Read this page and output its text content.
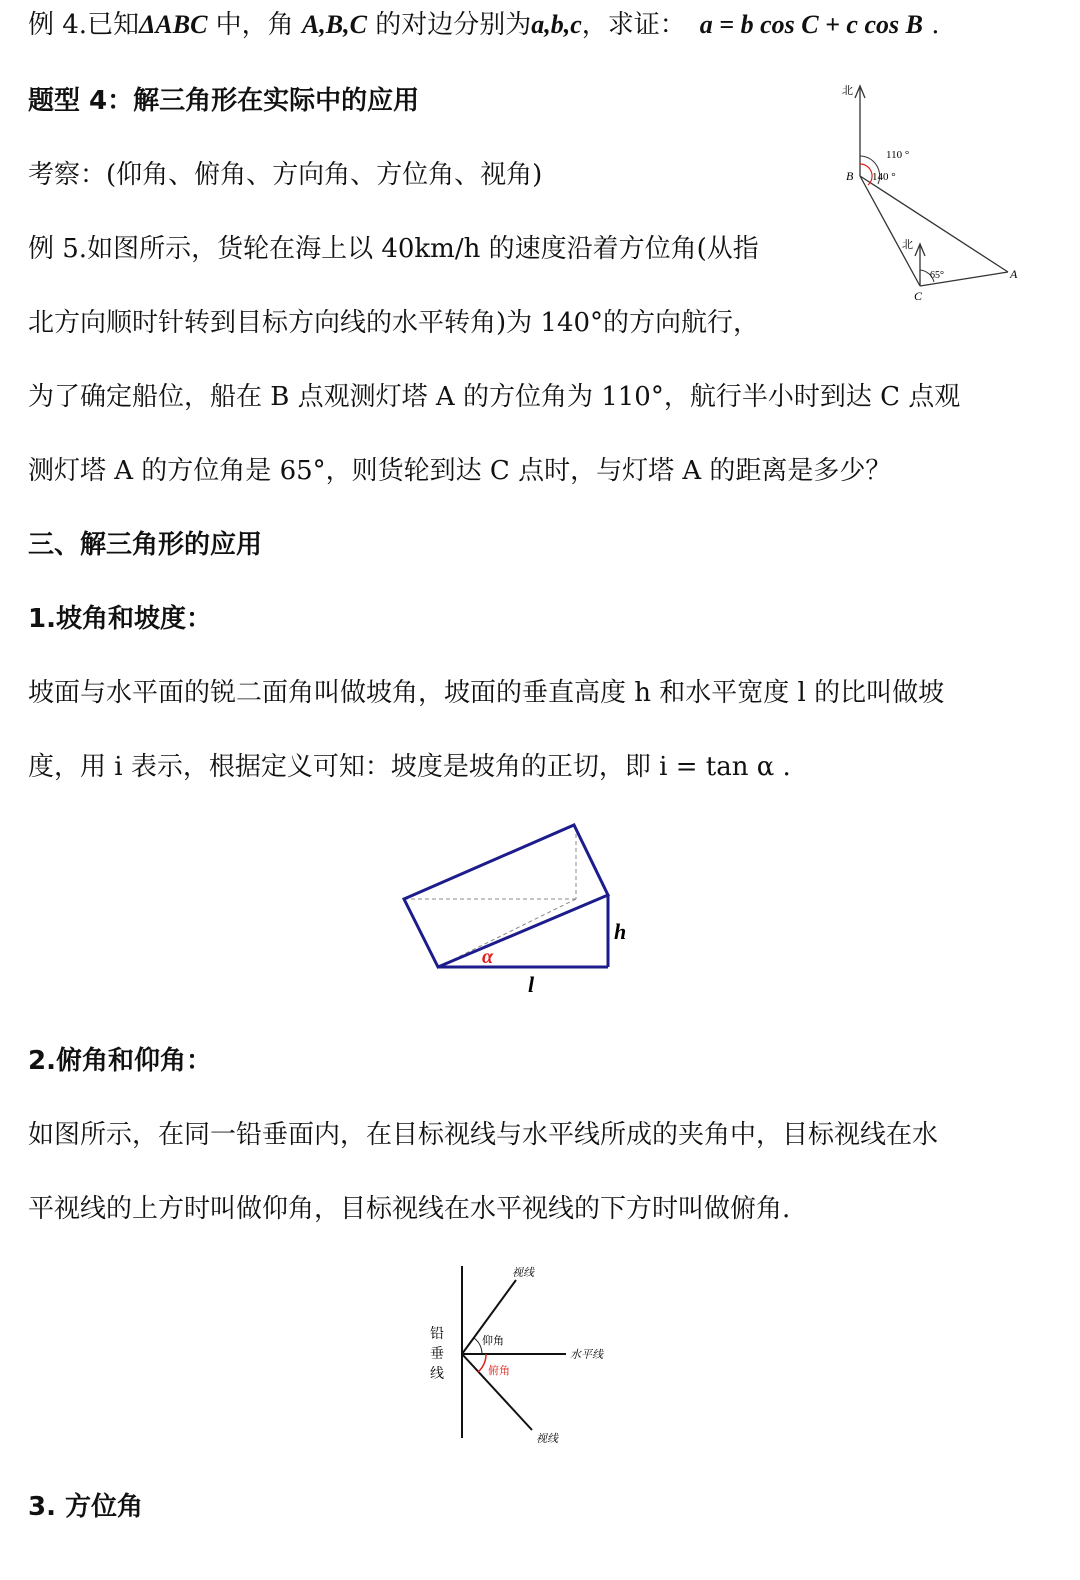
例 4.已知ΔABC 中，角 A,B,C 的对边分别为a,b,c，求证： a = b cos C + c cos B .
题型 4：解三角形在实际中的应用
考察：(仰角、俯角、方向角、方位角、视角)
例 5.如图所示，货轮在海上以 40km/h 的速度沿着方位角(从指
北方向顺时针转到目标方向线的水平转角)为 140°的方向航行，
为了确定船位，船在 B 点观测灯塔 A 的方位角为 110°，航行半小时到达 C 点观
测灯塔 A 的方位角是 65°，则货轮到达 C 点时，与灯塔 A 的距离是多少？
北
110 °
140 °
B
北
65°	A
C
三、解三角形的应用
1.坡角和坡度：
坡面与水平面的锐二面角叫做坡角，坡面的垂直高度 h 和水平宽度 l 的比叫做坡
度，用 i 表示，根据定义可知：坡度是坡角的正切，即 i = tan α .
α
h
l
2.俯角和仰角：
如图所示，在同一铅垂面内，在目标视线与水平线所成的夹角中，目标视线在水
平视线的上方时叫做仰角，目标视线在水平视线的下方时叫做俯角.
视线
铅
垂
线
仰角
水平线
俯角
视线
3. 方位角
